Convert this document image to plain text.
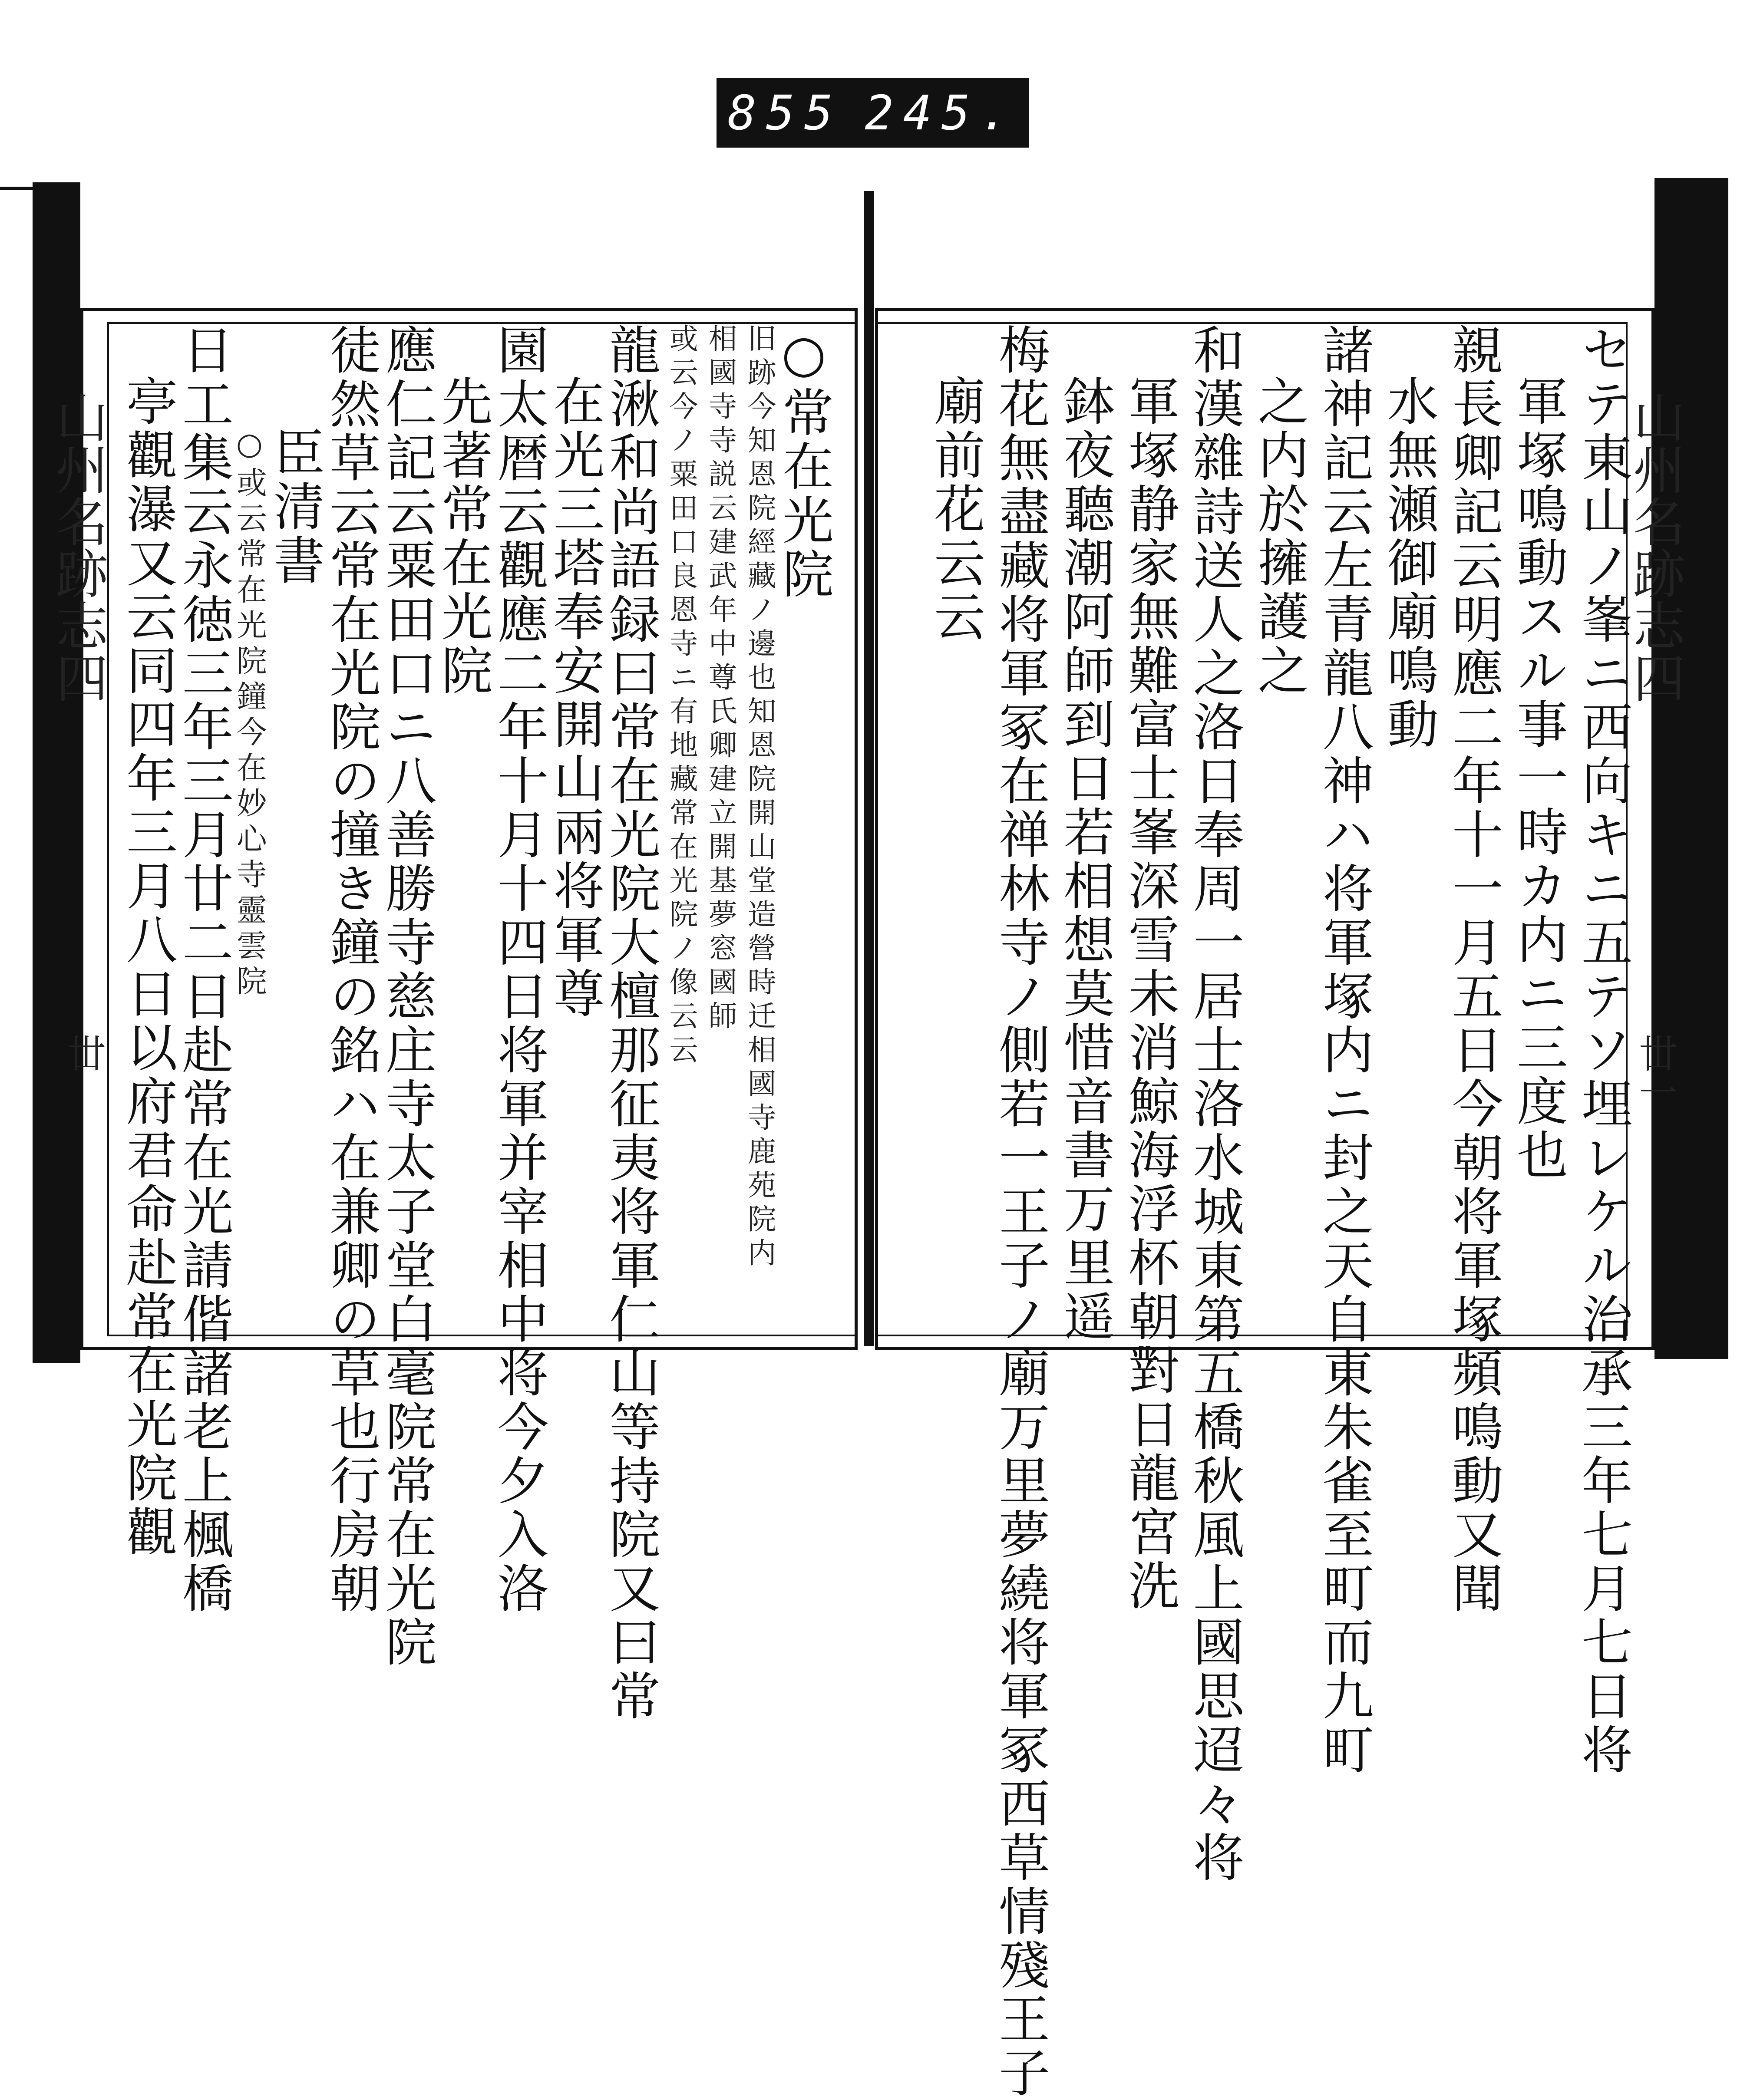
855 245.
山州名跡志四
丗
山州名跡志四
丗一
セテ東山ノ峯ニ西向キニ五テソ埋レケル治承三年七月七日将
軍塚鳴動スル事一時カ内ニ三度也
親長卿記云明應二年十一月五日今朝将軍塚頻鳴動又聞
水無瀬御廟鳴動
諸神記云左青龍八神ハ将軍塚内ニ封之天自東朱雀至町而九町
之内於擁護之
和漢雜詩送人之洛日奉周一居士洛水城東第五橋秋風上國思迢々将
軍塚静家無難富士峯深雪未消鯨海浮杯朝對日龍宮洗
鉢夜聽潮阿師到日若相想莫惜音書万里遥
梅花無盡藏将軍冢在禅林寺ノ側若一王子ノ廟万里夢繞将軍冢西草情殘王子
廟前花云云
○常在光院
旧跡今知恩院經藏ノ邊也知恩院開山堂造營時迁相國寺鹿苑院内
相國寺寺説云建武年中尊氏卿建立開基夢窓國師
或云今ノ粟田口良恩寺ニ有地藏常在光院ノ像云云
龍湫和尚語録曰常在光院大檀那征夷将軍仁山等持院又曰常
在光三塔奉安開山兩将軍尊
園太暦云觀應二年十月十四日将軍并宰相中将今夕入洛
先著常在光院
應仁記云粟田口ニ八善勝寺慈庄寺太子堂白毫院常在光院
徒然草云常在光院の撞き鐘の銘ハ在兼卿の草也行房朝
臣清書
○或云常在光院鐘今在妙心寺靈雲院
日工集云永徳三年三月廿二日赴常在光請偕諸老上楓橋
亭觀瀑又云同四年三月八日以府君命赴常在光院觀
